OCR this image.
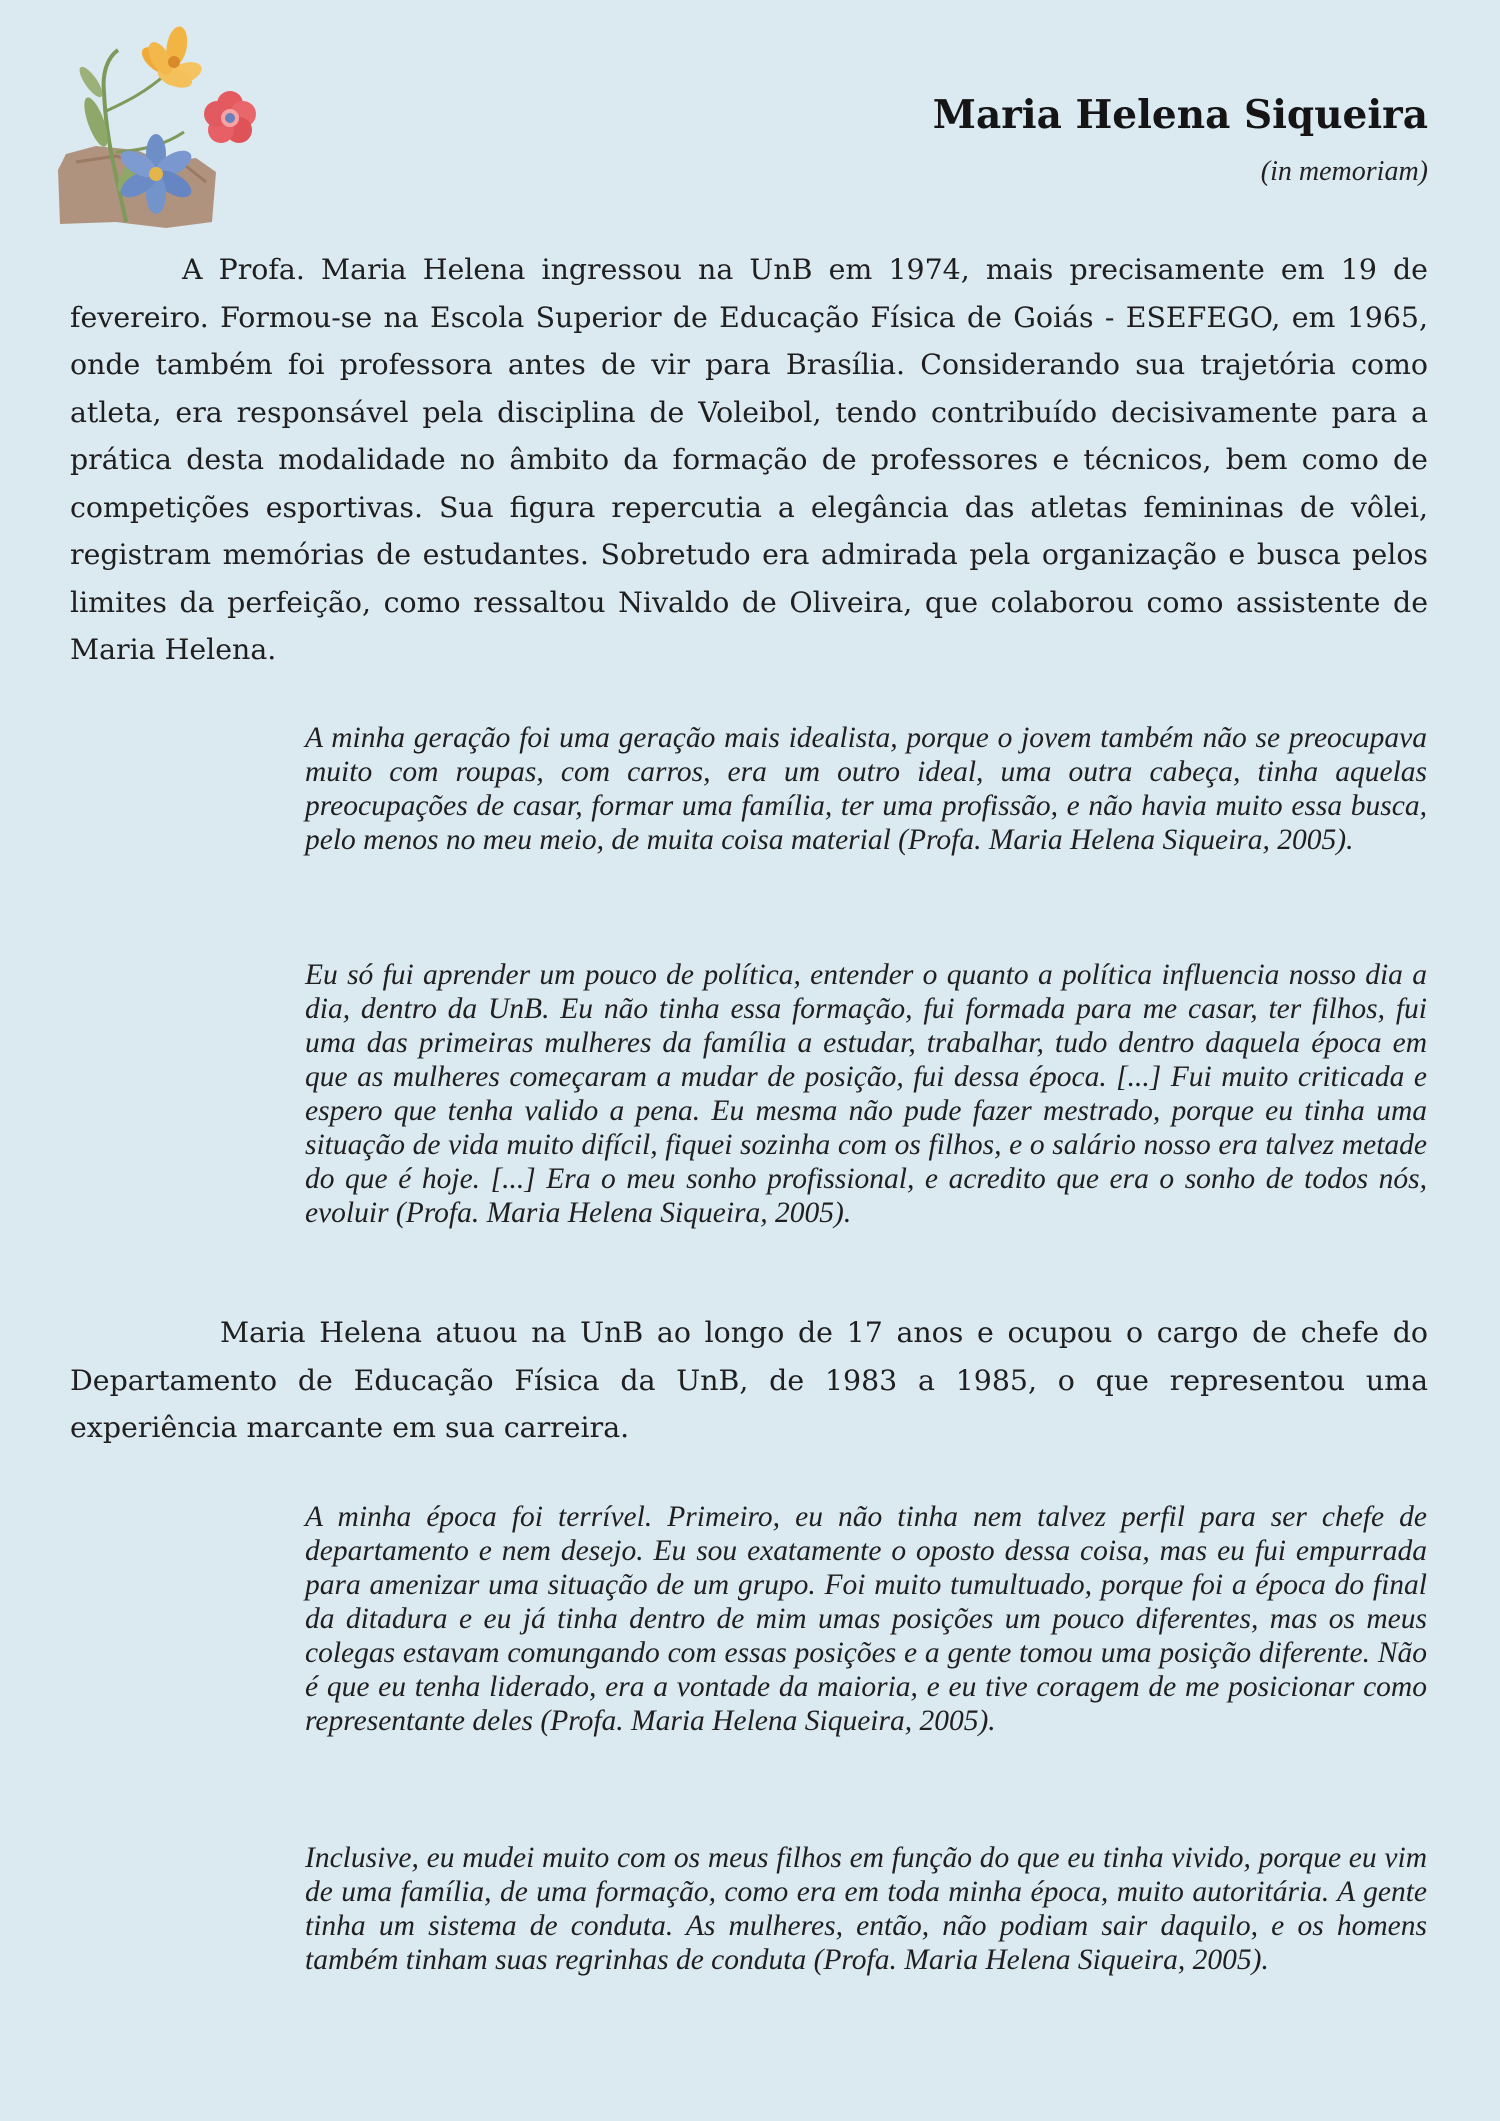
Maria Helena Siqueira
(in memoriam)

A Profa. Maria Helena ingressou na UnB em 1974, mais precisamente em 19 de fevereiro. Formou-se na Escola Superior de Educação Física de Goiás - ESEFEGO, em 1965, onde também foi professora antes de vir para Brasília. Considerando sua trajetória como atleta, era responsável pela disciplina de Voleibol, tendo contribuído decisivamente para a prática desta modalidade no âmbito da formação de professores e técnicos, bem como de competições esportivas. Sua figura repercutia a elegância das atletas femininas de vôlei, registram memórias de estudantes. Sobretudo era admirada pela organização e busca pelos limites da perfeição, como ressaltou Nivaldo de Oliveira, que colaborou como assistente de Maria Helena.

A minha geração foi uma geração mais idealista, porque o jovem também não se preocupava muito com roupas, com carros, era um outro ideal, uma outra cabeça, tinha aquelas preocupações de casar, formar uma família, ter uma profissão, e não havia muito essa busca, pelo menos no meu meio, de muita coisa material (Profa. Maria Helena Siqueira, 2005).

Eu só fui aprender um pouco de política, entender o quanto a política influencia nosso dia a dia, dentro da UnB. Eu não tinha essa formação, fui formada para me casar, ter filhos, fui uma das primeiras mulheres da família a estudar, trabalhar, tudo dentro daquela época em que as mulheres começaram a mudar de posição, fui dessa época. [...] Fui muito criticada e espero que tenha valido a pena. Eu mesma não pude fazer mestrado, porque eu tinha uma situação de vida muito difícil, fiquei sozinha com os filhos, e o salário nosso era talvez metade do que é hoje. [...] Era o meu sonho profissional, e acredito que era o sonho de todos nós, evoluir (Profa. Maria Helena Siqueira, 2005).

Maria Helena atuou na UnB ao longo de 17 anos e ocupou o cargo de chefe do Departamento de Educação Física da UnB, de 1983 a 1985, o que representou uma experiência marcante em sua carreira.

A minha época foi terrível. Primeiro, eu não tinha nem talvez perfil para ser chefe de departamento e nem desejo. Eu sou exatamente o oposto dessa coisa, mas eu fui empurrada para amenizar uma situação de um grupo. Foi muito tumultuado, porque foi a época do final da ditadura e eu já tinha dentro de mim umas posições um pouco diferentes, mas os meus colegas estavam comungando com essas posições e a gente tomou uma posição diferente. Não é que eu tenha liderado, era a vontade da maioria, e eu tive coragem de me posicionar como representante deles (Profa. Maria Helena Siqueira, 2005).

Inclusive, eu mudei muito com os meus filhos em função do que eu tinha vivido, porque eu vim de uma família, de uma formação, como era em toda minha época, muito autoritária. A gente tinha um sistema de conduta. As mulheres, então, não podiam sair daquilo, e os homens também tinham suas regrinhas de conduta (Profa. Maria Helena Siqueira, 2005).
